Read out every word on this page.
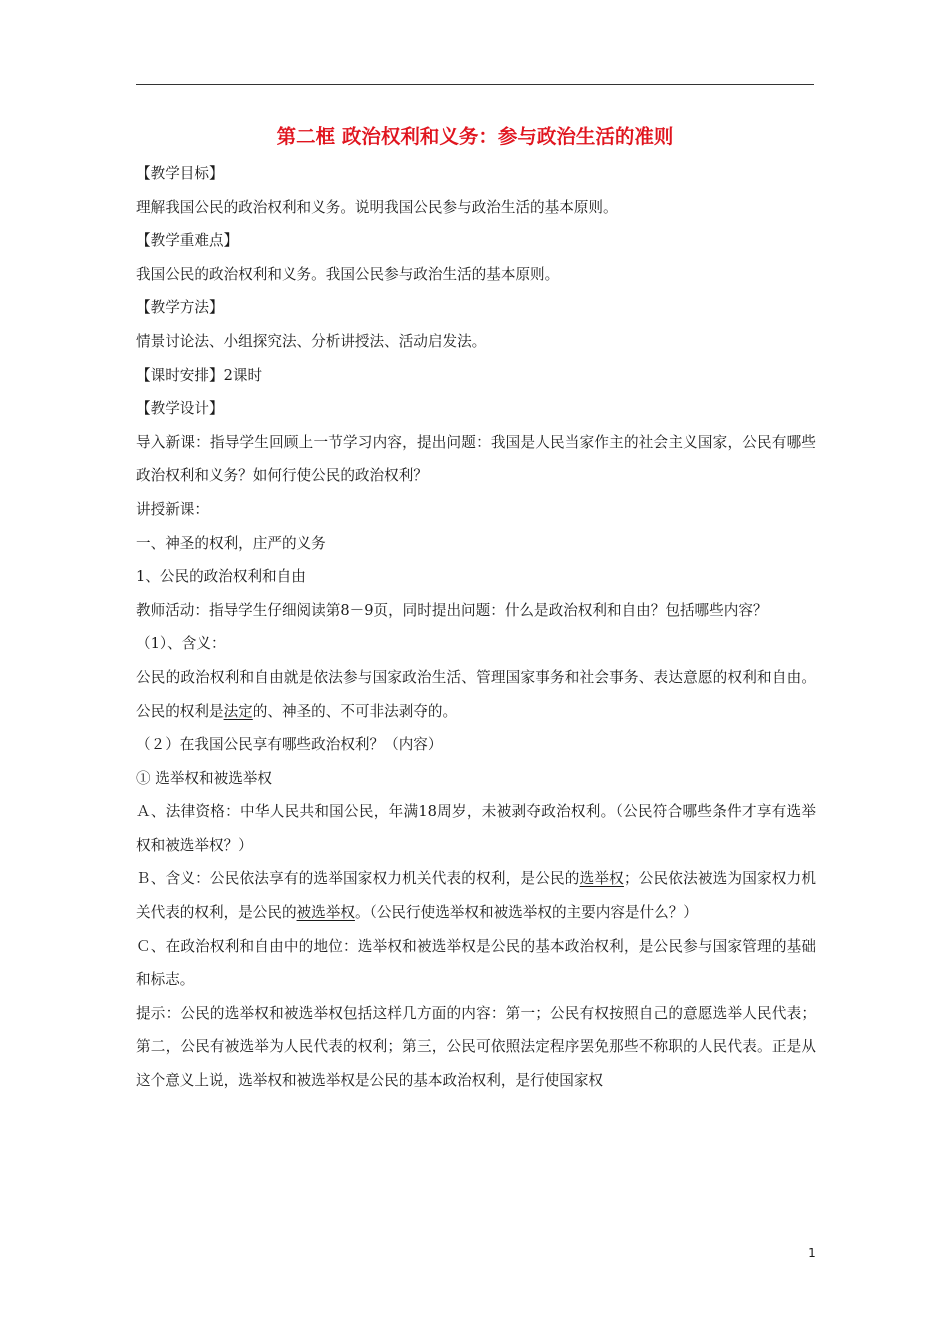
第二框 政治权利和义务：参与政治生活的准则
【教学目标】
理解我国公民的政治权利和义务。说明我国公民参与政治生活的基本原则。
【教学重难点】
我国公民的政治权利和义务。我国公民参与政治生活的基本原则。
【教学方法】
情景讨论法、小组探究法、分析讲授法、活动启发法。
【课时安排】2课时
【教学设计】
导入新课：指导学生回顾上一节学习内容，提出问题：我国是人民当家作主的社会主义国家，公民有哪些政治权利和义务？如何行使公民的政治权利？
讲授新课：
一、神圣的权利，庄严的义务
1、公民的政治权利和自由
教师活动：指导学生仔细阅读第8－9页，同时提出问题：什么是政治权利和自由？包括哪些内容？
（1）、含义：
公民的政治权利和自由就是依法参与国家政治生活、管理国家事务和社会事务、表达意愿的权利和自由。公民的权利是法定的、神圣的、不可非法剥夺的。
（２）在我国公民享有哪些政治权利？（内容）
① 选举权和被选举权
Ａ、法律资格：中华人民共和国公民，年满18周岁，未被剥夺政治权利。（公民符合哪些条件才享有选举权和被选举权？）
Ｂ、含义：公民依法享有的选举国家权力机关代表的权利，是公民的选举权；公民依法被选为国家权力机关代表的权利，是公民的被选举权。（公民行使选举权和被选举权的主要内容是什么？）
Ｃ、在政治权利和自由中的地位：选举权和被选举权是公民的基本政治权利，是公民参与国家管理的基础和标志。
提示：公民的选举权和被选举权包括这样几方面的内容：第一；公民有权按照自己的意愿选举人民代表；第二，公民有被选举为人民代表的权利；第三，公民可依照法定程序罢免那些不称职的人民代表。正是从这个意义上说，选举权和被选举权是公民的基本政治权利，是行使国家权
1
